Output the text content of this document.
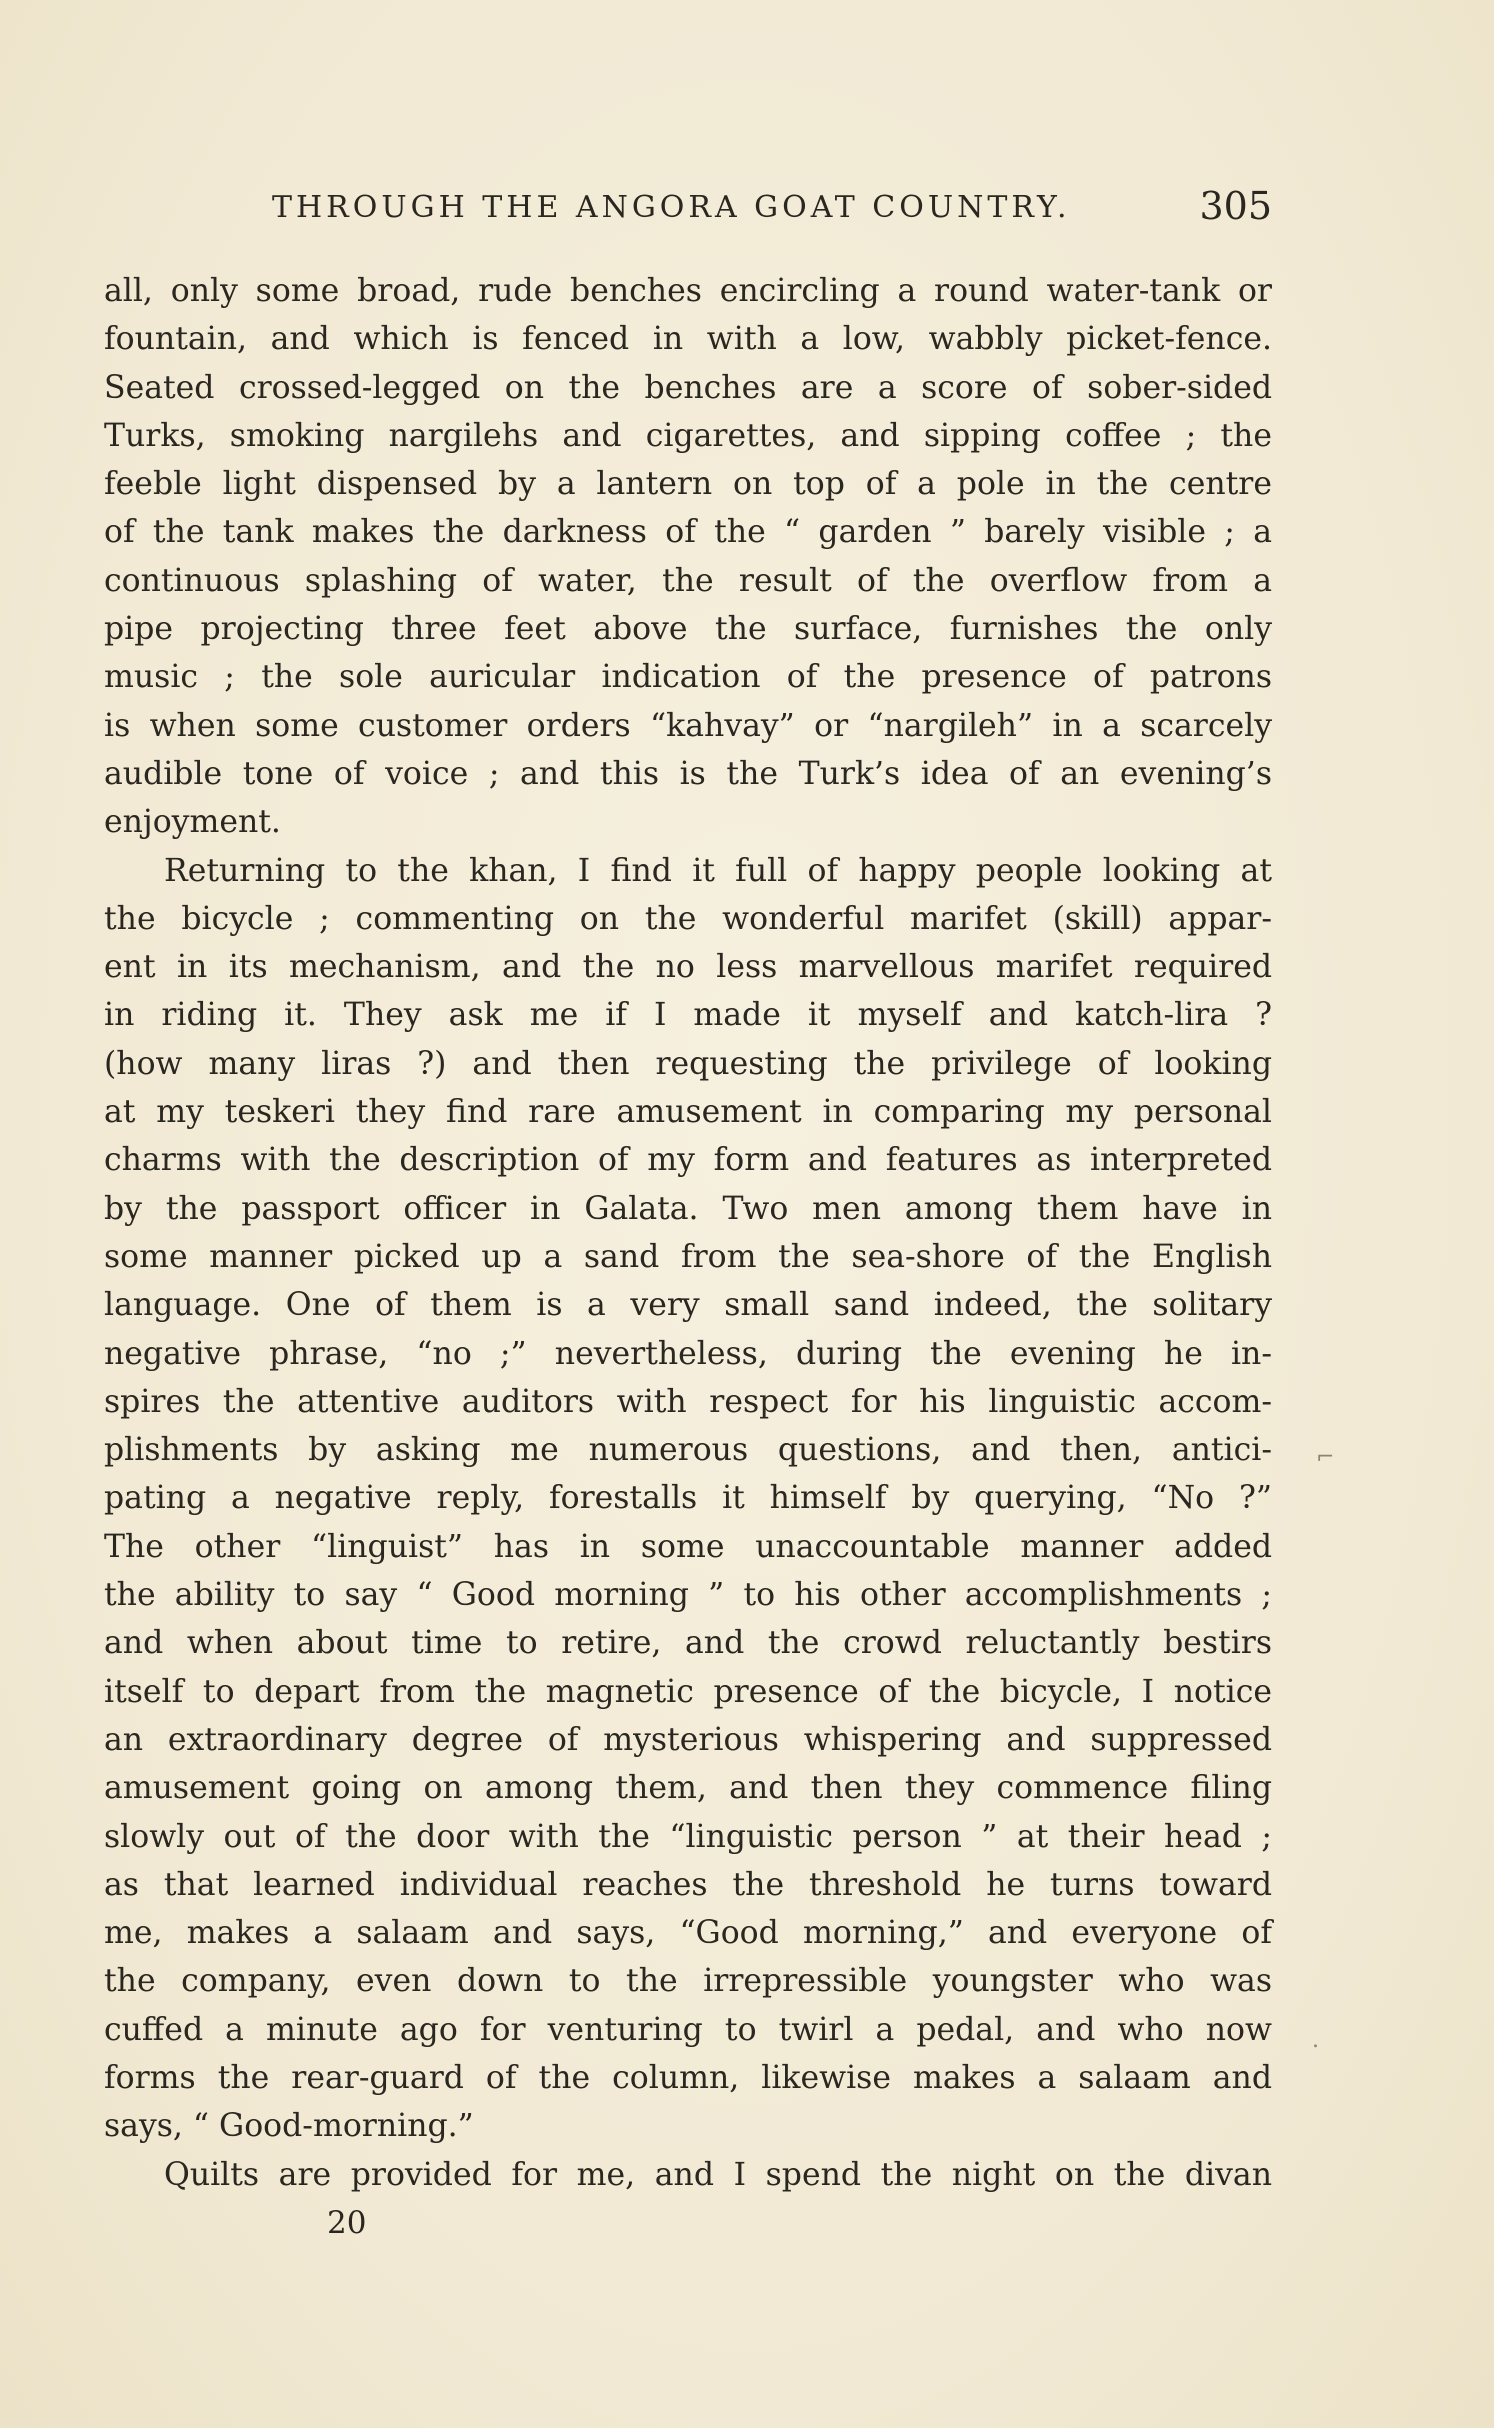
THROUGH THE ANGORA GOAT COUNTRY.	305
all, only some broad, rude benches encircling a round water-tank or
fountain, and which is fenced in with a low, wabbly picket-fence.
Seated crossed-legged on the benches are a score of sober-sided
Turks, smoking nargilehs and cigarettes, and sipping coffee ; the
feeble light dispensed by a lantern on top of a pole in the centre
of the tank makes the darkness of the “ garden ” barely visible ; a
continuous splashing of water, the result of the overflow from a
pipe projecting three feet above the surface, furnishes the only
music ; the sole auricular indication of the presence of patrons
is when some customer orders “kahvay” or “nargileh” in a scarcely
audible tone of voice ; and this is the Turk’s idea of an evening’s
enjoyment.
Returning to the khan, I find it full of happy people looking at
the bicycle ; commenting on the wonderful marifet (skill) appar-
ent in its mechanism, and the no less marvellous marifet required
in riding it. They ask me if I made it myself and katch-lira ?
(how many liras ?) and then requesting the privilege of looking
at my teskeri they find rare amusement in comparing my personal
charms with the description of my form and features as interpreted
by the passport officer in Galata. Two men among them have in
some manner picked up a sand from the sea-shore of the English
language. One of them is a very small sand indeed, the solitary
negative phrase, “no ;” nevertheless, during the evening he in-
spires the attentive auditors with respect for his linguistic accom-
plishments by asking me numerous questions, and then, antici-
pating a negative reply, forestalls it himself by querying, “No ?”
The other “linguist” has in some unaccountable manner added
the ability to say “ Good morning ” to his other accomplishments ;
and when about time to retire, and the crowd reluctantly bestirs
itself to depart from the magnetic presence of the bicycle, I notice
an extraordinary degree of mysterious whispering and suppressed
amusement going on among them, and then they commence filing
slowly out of the door with the “linguistic person ” at their head ;
as that learned individual reaches the threshold he turns toward
me, makes a salaam and says, “Good morning,” and everyone of
the company, even down to the irrepressible youngster who was
cuffed a minute ago for venturing to twirl a pedal, and who now
forms the rear-guard of the column, likewise makes a salaam and
says, “ Good-morning.”
Quilts are provided for me, and I spend the night on the divan
20
⌐
.
